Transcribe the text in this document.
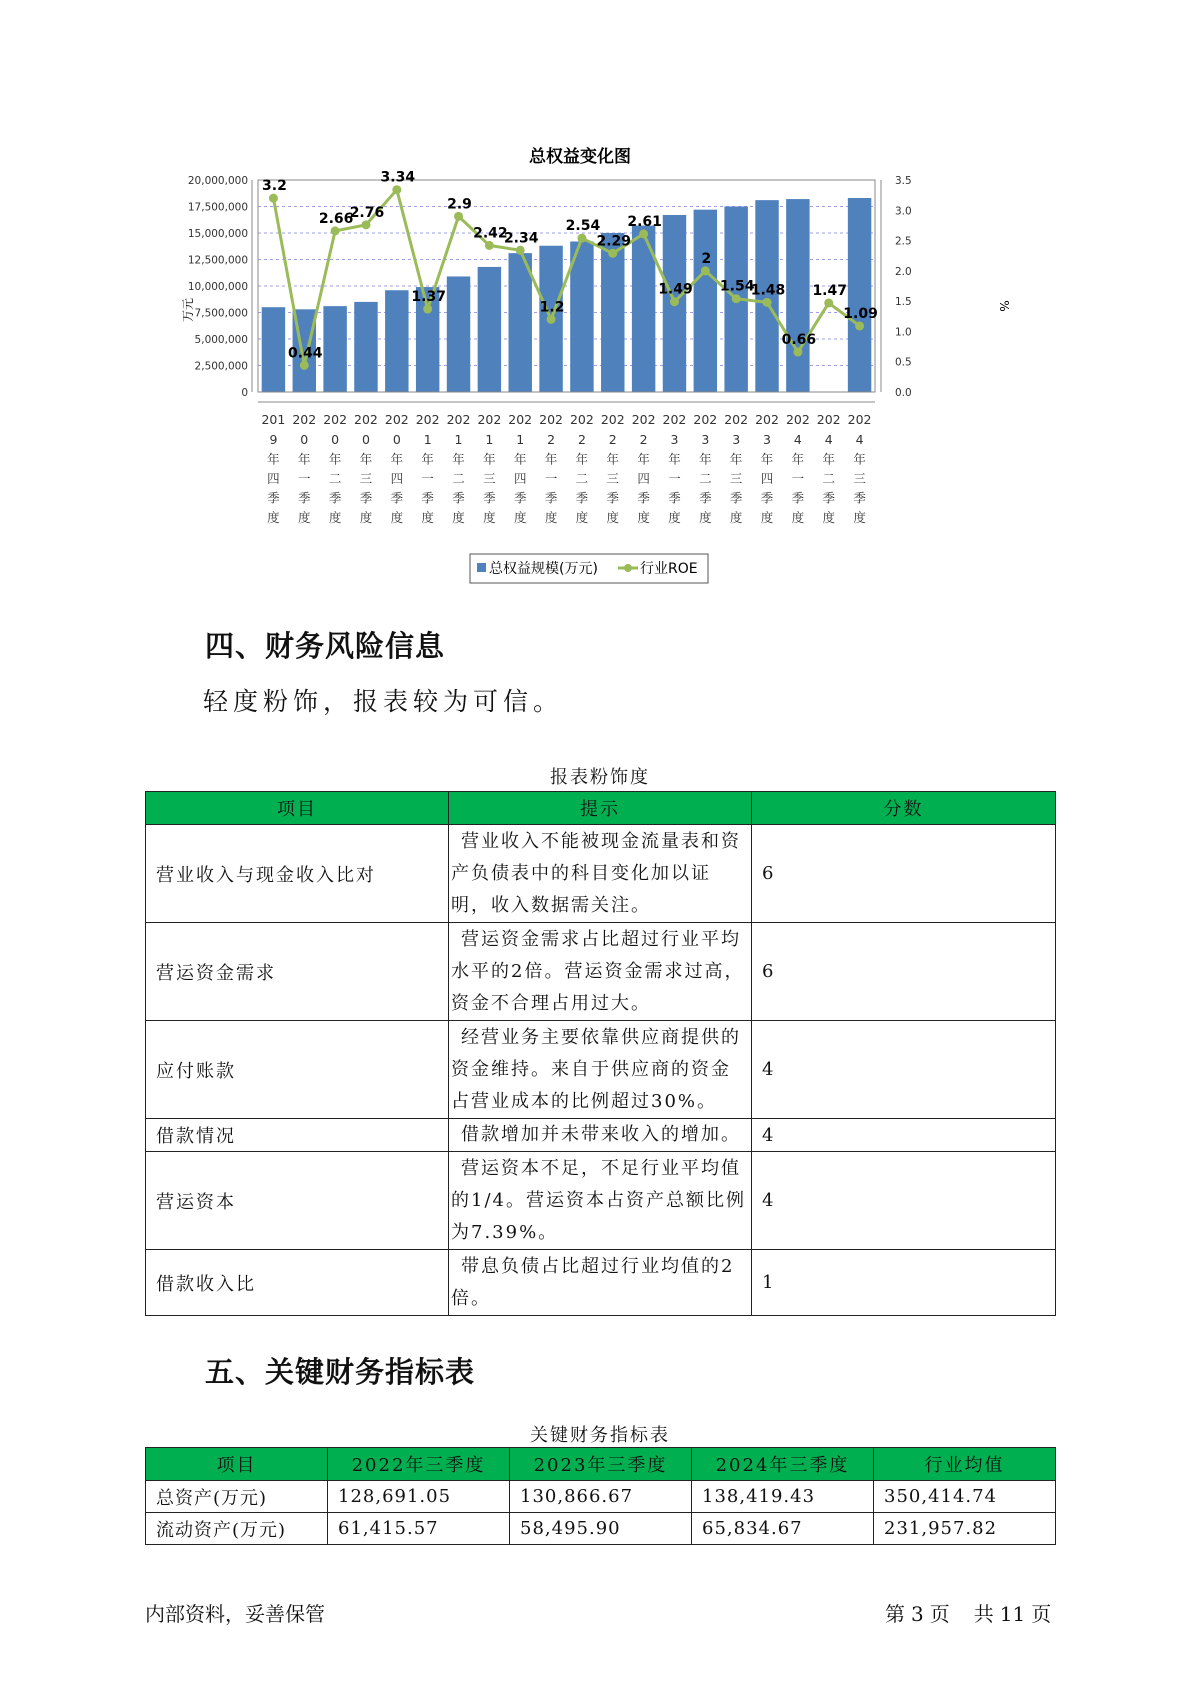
总权益变化图
万元	%
20,000,000
17,500,000
15,000,000
12,500,000
10,000,000
7,500,000
5,000,000
2,500,000
0
3.5
3.0
2.5
2.0
1.5
1.0
0.5
0.0
201
9
年
四
季
度
202
0
年
一
季
度
202
0
年
二
季
度
202
0
年
三
季
度
202
0
年
四
季
度
202
1
年
一
季
度
202
1
年
二
季
度
202
1
年
三
季
度
202
1
年
四
季
度
202
2
年
一
季
度
202
2
年
二
季
度
202
2
年
三
季
度
202
2
年
四
季
度
202
3
年
一
季
度
202
3
年
二
季
度
202
3
年
三
季
度
202
3
年
四
季
度
202
4
年
一
季
度
202
4
年
二
季
度
202
4
年
三
季
度
3.2
0.44
2.66
2.76
3.34
1.37
2.9
2.42
2.34
1.2
2.54
2.29
2.61
1.49
2
1.54
1.48
0.66
1.47
1.09
总权益规模(万元)	行业ROE
四、财务风险信息

轻度粉饰，报表较为可信。

报表粉饰度
项目	提示	分数
营业收入与现金收入比对	营业收入不能被现金流量表和资产负债表中的科目变化加以证明，收入数据需关注。	6
营运资金需求	营运资金需求占比超过行业平均水平的2倍。营运资金需求过高，资金不合理占用过大。	6
应付账款	经营业务主要依靠供应商提供的资金维持。来自于供应商的资金占营业成本的比例超过30%。	4
借款情况	借款增加并未带来收入的增加。	4
营运资本	营运资本不足，不足行业平均值的1/4。营运资本占资产总额比例为7.39%。	4
借款收入比	带息负债占比超过行业均值的2倍。	1
五、关键财务指标表
关键财务指标表
项目	2022年三季度	2023年三季度	2024年三季度	行业均值
总资产(万元)	128,691.05	130,866.67	138,419.43	350,414.74
流动资产(万元)	61,415.57	58,495.90	65,834.67	231,957.82
内部资料，妥善保管	第 3 页 共 11 页
